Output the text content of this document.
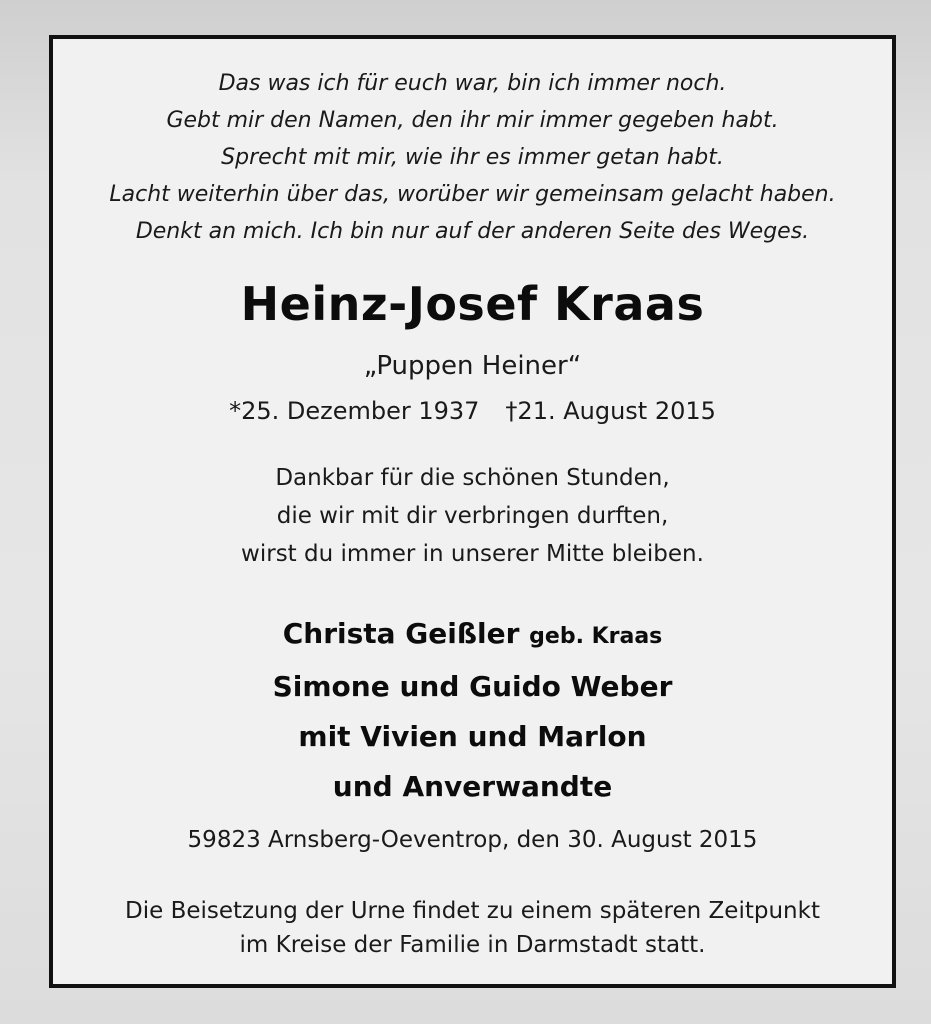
Das was ich für euch war, bin ich immer noch.
Gebt mir den Namen, den ihr mir immer gegeben habt.
Sprecht mit mir, wie ihr es immer getan habt.
Lacht weiterhin über das, worüber wir gemeinsam gelacht haben.
Denkt an mich. Ich bin nur auf der anderen Seite des Weges.
Heinz-Josef Kraas
„Puppen Heiner“
*25. Dezember 1937 †21. August 2015
Dankbar für die schönen Stunden,
die wir mit dir verbringen durften,
wirst du immer in unserer Mitte bleiben.
Christa Geißler geb. Kraas
Simone und Guido Weber
mit Vivien und Marlon
und Anverwandte
59823 Arnsberg-Oeventrop, den 30. August 2015
Die Beisetzung der Urne findet zu einem späteren Zeitpunkt
im Kreise der Familie in Darmstadt statt.
